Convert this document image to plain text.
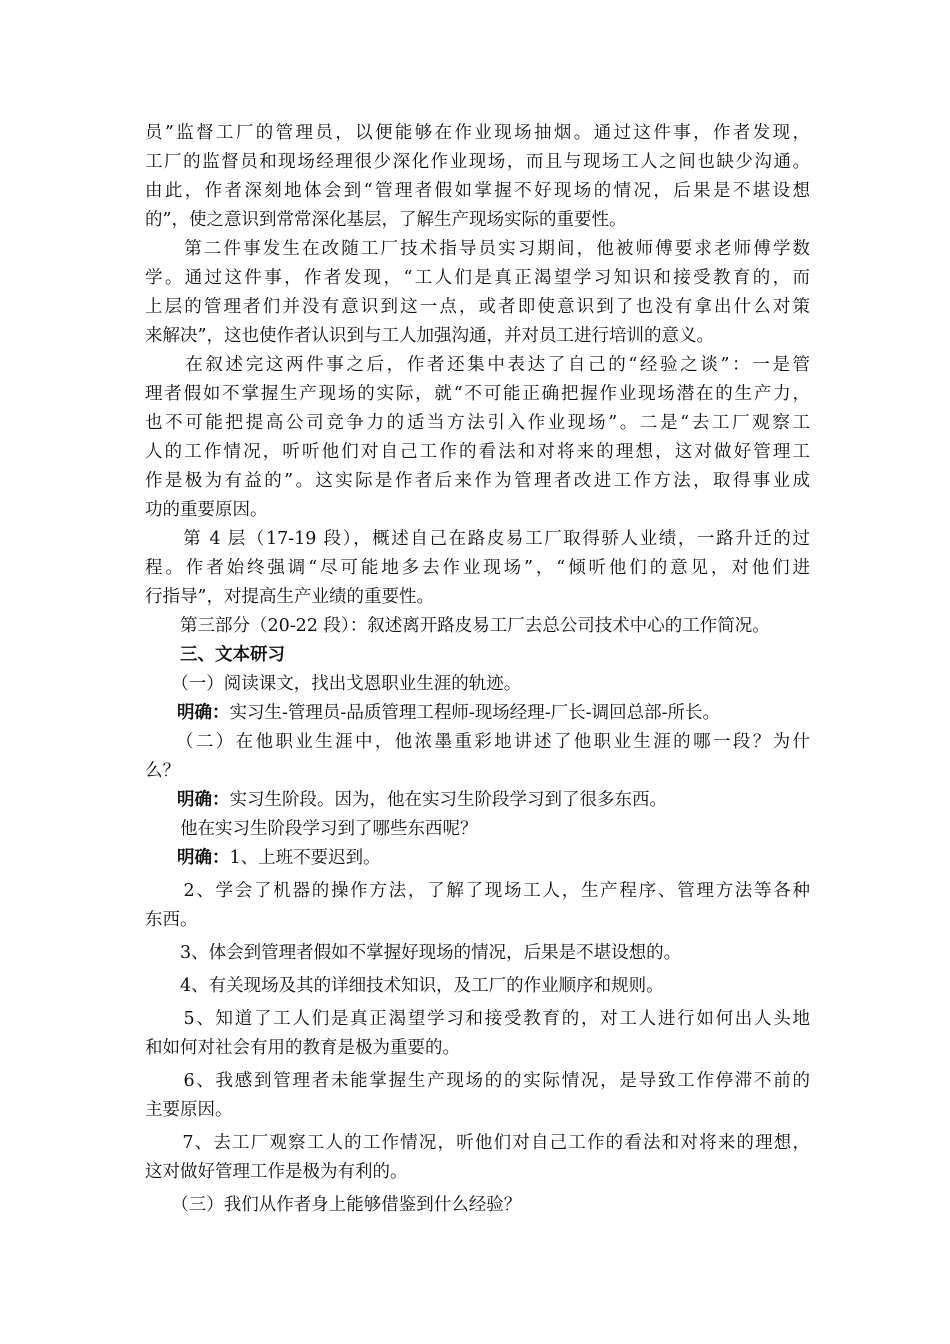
员”监督工厂的管理员，以便能够在作业现场抽烟。通过这件事，作者发现，
工厂的监督员和现场经理很少深化作业现场，而且与现场工人之间也缺少沟通。
由此，作者深刻地体会到“管理者假如掌握不好现场的情况，后果是不堪设想
的”，使之意识到常常深化基层，了解生产现场实际的重要性。
　　第二件事发生在改随工厂技术指导员实习期间，他被师傅要求老师傅学数
学。通过这件事，作者发现，“工人们是真正渴望学习知识和接受教育的，而
上层的管理者们并没有意识到这一点，或者即使意识到了也没有拿出什么对策
来解决”，这也使作者认识到与工人加强沟通，并对员工进行培训的意义。
　　在叙述完这两件事之后，作者还集中表达了自己的“经验之谈”：一是管
理者假如不掌握生产现场的实际，就“不可能正确把握作业现场潜在的生产力，
也不可能把提高公司竞争力的适当方法引入作业现场”。二是“去工厂观察工
人的工作情况，听听他们对自己工作的看法和对将来的理想，这对做好管理工
作是极为有益的”。这实际是作者后来作为管理者改进工作方法，取得事业成
功的重要原因。
　　第 4 层（17-19 段），概述自己在路皮易工厂取得骄人业绩，一路升迁的过
程。作者始终强调“尽可能地多去作业现场”，“倾听他们的意见，对他们进
行指导”，对提高生产业绩的重要性。
　　第三部分（20-22 段）：叙述离开路皮易工厂去总公司技术中心的工作简况。
　　三、文本研习
　　（一）阅读课文，找出戈恩职业生涯的轨迹。
明确：实习生-管理员-品质管理工程师-现场经理-厂长-调回总部-所长。
　　（二）在他职业生涯中，他浓墨重彩地讲述了他职业生涯的哪一段？为什
么？
明确：实习生阶段。因为，他在实习生阶段学习到了很多东西。
　　他在实习生阶段学习到了哪些东西呢？
明确：1、上班不要迟到。
　　2、学会了机器的操作方法，了解了现场工人，生产程序、管理方法等各种
东西。
　　3、体会到管理者假如不掌握好现场的情况，后果是不堪设想的。
　　4、有关现场及其的详细技术知识，及工厂的作业顺序和规则。
　　5、知道了工人们是真正渴望学习和接受教育的，对工人进行如何出人头地
和如何对社会有用的教育是极为重要的。
　　6、我感到管理者未能掌握生产现场的的实际情况，是导致工作停滞不前的
主要原因。
　　7、去工厂观察工人的工作情况，听他们对自己工作的看法和对将来的理想，
这对做好管理工作是极为有利的。
　　（三）我们从作者身上能够借鉴到什么经验？
